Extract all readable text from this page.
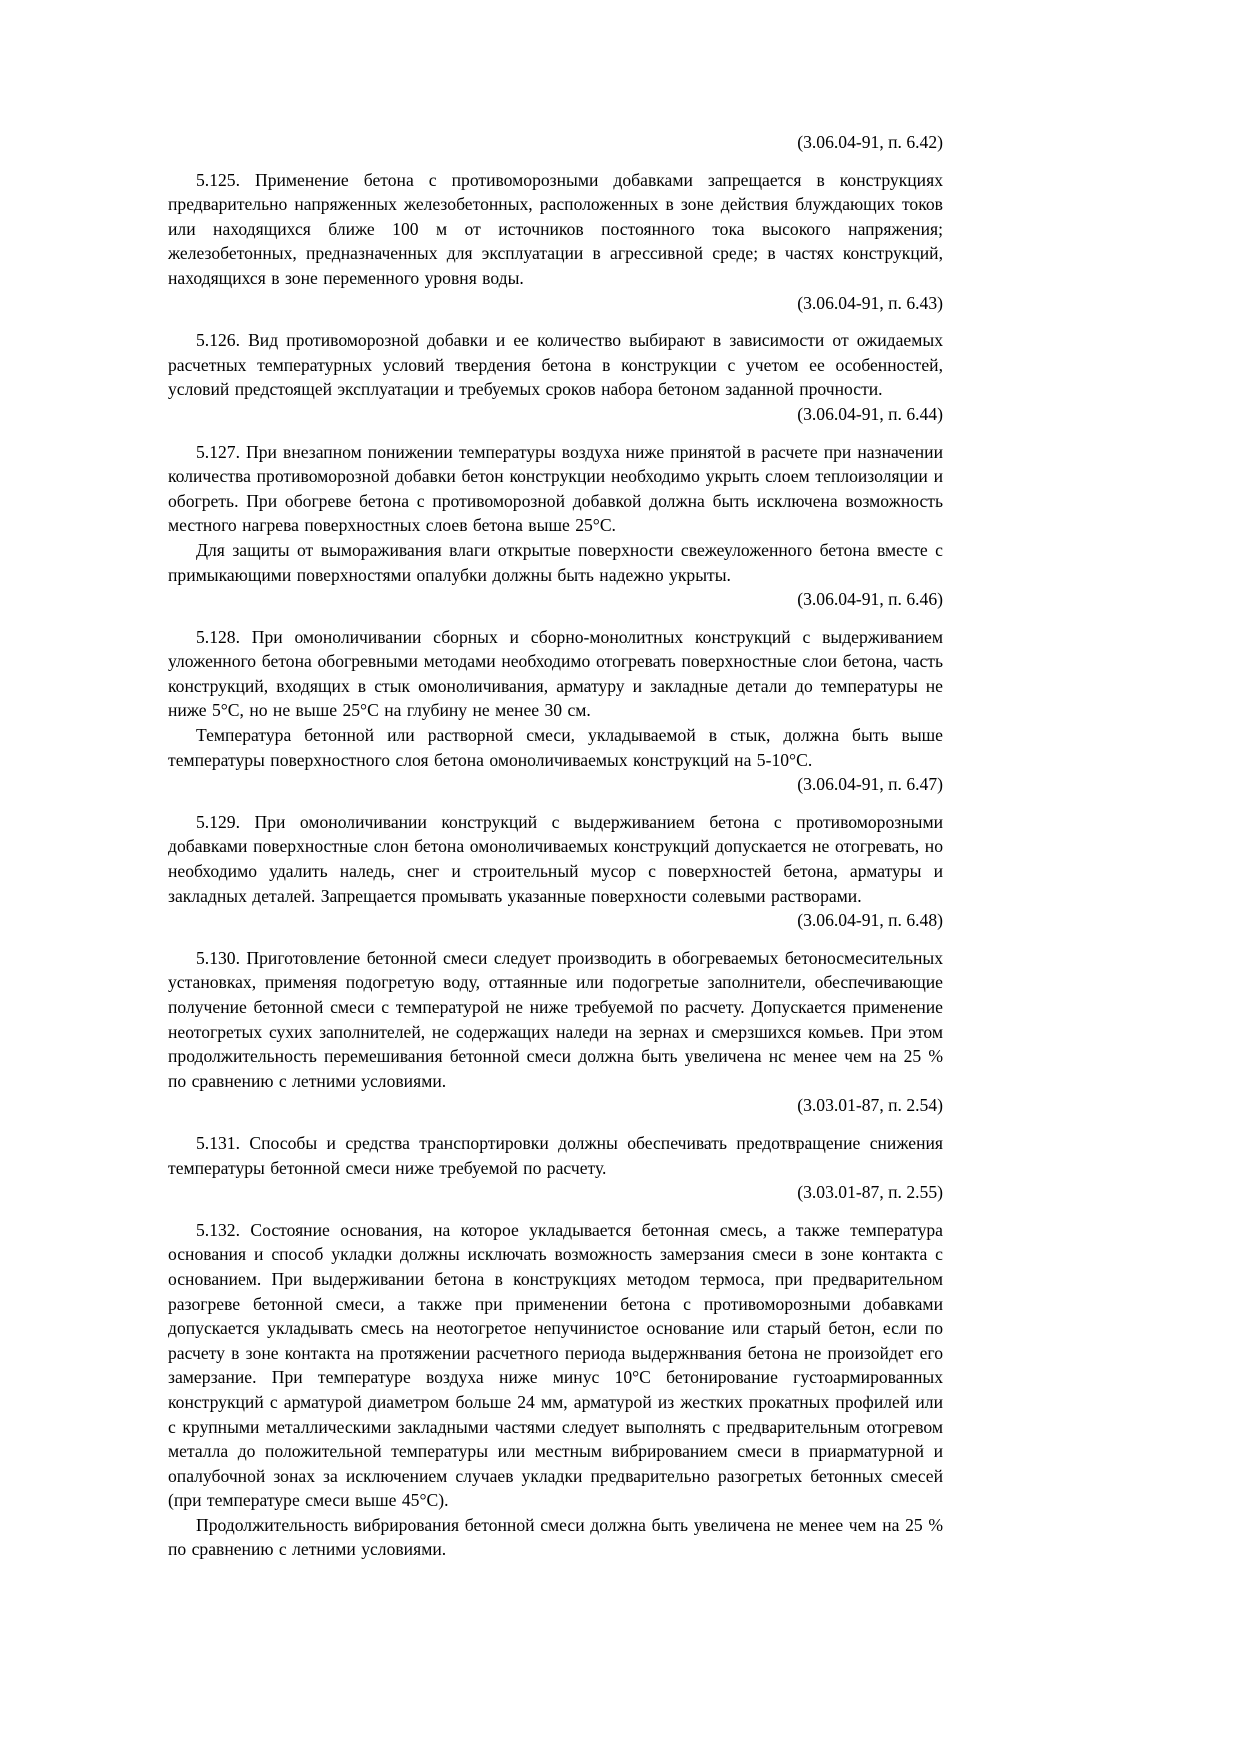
(3.06.04-91, п. 6.42)

5.125. Применение бетона с противоморозными добавками запрещается в конструкциях предварительно напряженных железобетонных, расположенных в зоне действия блуждающих токов или находящихся ближе 100 м от источников постоянного тока высокого напряжения; железобетонных, предназначенных для эксплуатации в агрессивной среде; в частях конструкций, находящихся в зоне переменного уровня воды.

(3.06.04-91, п. 6.43)

5.126. Вид противоморозной добавки и ее количество выбирают в зависимости от ожидаемых расчетных температурных условий твердения бетона в конструкции с учетом ее особенностей, условий предстоящей эксплуатации и требуемых сроков набора бетоном заданной прочности.

(3.06.04-91, п. 6.44)

5.127. При внезапном понижении температуры воздуха ниже принятой в расчете при назначении количества противоморозной добавки бетон конструкции необходимо укрыть слоем теплоизоляции и обогреть. При обогреве бетона с противоморозной добавкой должна быть исключена возможность местного нагрева поверхностных слоев бетона выше 25°С.

Для защиты от вымораживания влаги открытые поверхности свежеуложенного бетона вместе с примыкающими поверхностями опалубки должны быть надежно укрыты.

(3.06.04-91, п. 6.46)

5.128. При омоноличивании сборных и сборно-монолитных конструкций с выдерживанием уложенного бетона обогревными методами необходимо отогревать поверхностные слои бетона, часть конструкций, входящих в стык омоноличивания, арматуру и закладные детали до температуры не ниже 5°С, но не выше 25°С на глубину не менее 30 см.

Температура бетонной или растворной смеси, укладываемой в стык, должна быть выше температуры поверхностного слоя бетона омоноличиваемых конструкций на 5-10°С.

(3.06.04-91, п. 6.47)

5.129. При омоноличивании конструкций с выдерживанием бетона с противоморозными добавками поверхностные слон бетона омоноличиваемых конструкций допускается не отогревать, но необходимо удалить наледь, снег и строительный мусор с поверхностей бетона, арматуры и закладных деталей. Запрещается промывать указанные поверхности солевыми растворами.

(3.06.04-91, п. 6.48)

5.130. Приготовление бетонной смеси следует производить в обогреваемых бетоносмесительных установках, применяя подогретую воду, оттаянные или подогретые заполнители, обеспечивающие получение бетонной смеси с температурой не ниже требуемой по расчету. Допускается применение неотогретых сухих заполнителей, не содержащих наледи на зернах и смерзшихся комьев. При этом продолжительность перемешивания бетонной смеси должна быть увеличена нс менее чем на 25 % по сравнению с летними условиями.

(3.03.01-87, п. 2.54)

5.131. Способы и средства транспортировки должны обеспечивать предотвращение снижения температуры бетонной смеси ниже требуемой по расчету.

(3.03.01-87, п. 2.55)

5.132. Состояние основания, на которое укладывается бетонная смесь, а также температура основания и способ укладки должны исключать возможность замерзания смеси в зоне контакта с основанием. При выдерживании бетона в конструкциях методом термоса, при предварительном разогреве бетонной смеси, а также при применении бетона с противоморозными добавками допускается укладывать смесь на неотогретое непучинистое основание или старый бетон, если по расчету в зоне контакта на протяжении расчетного периода выдержнвания бетона не произойдет его замерзание. При температуре воздуха ниже минус 10°С бетонирование густоармированных конструкций с арматурой диаметром больше 24 мм, арматурой из жестких прокатных профилей или с крупными металлическими закладными частями следует выполнять с предварительным отогревом металла до положительной температуры или местным вибрированием смеси в приарматурной и опалубочной зонах за исключением случаев укладки предварительно разогретых бетонных смесей (при температуре смеси выше 45°С).

Продолжительность вибрирования бетонной смеси должна быть увеличена не менее чем на 25 % по сравнению с летними условиями.
